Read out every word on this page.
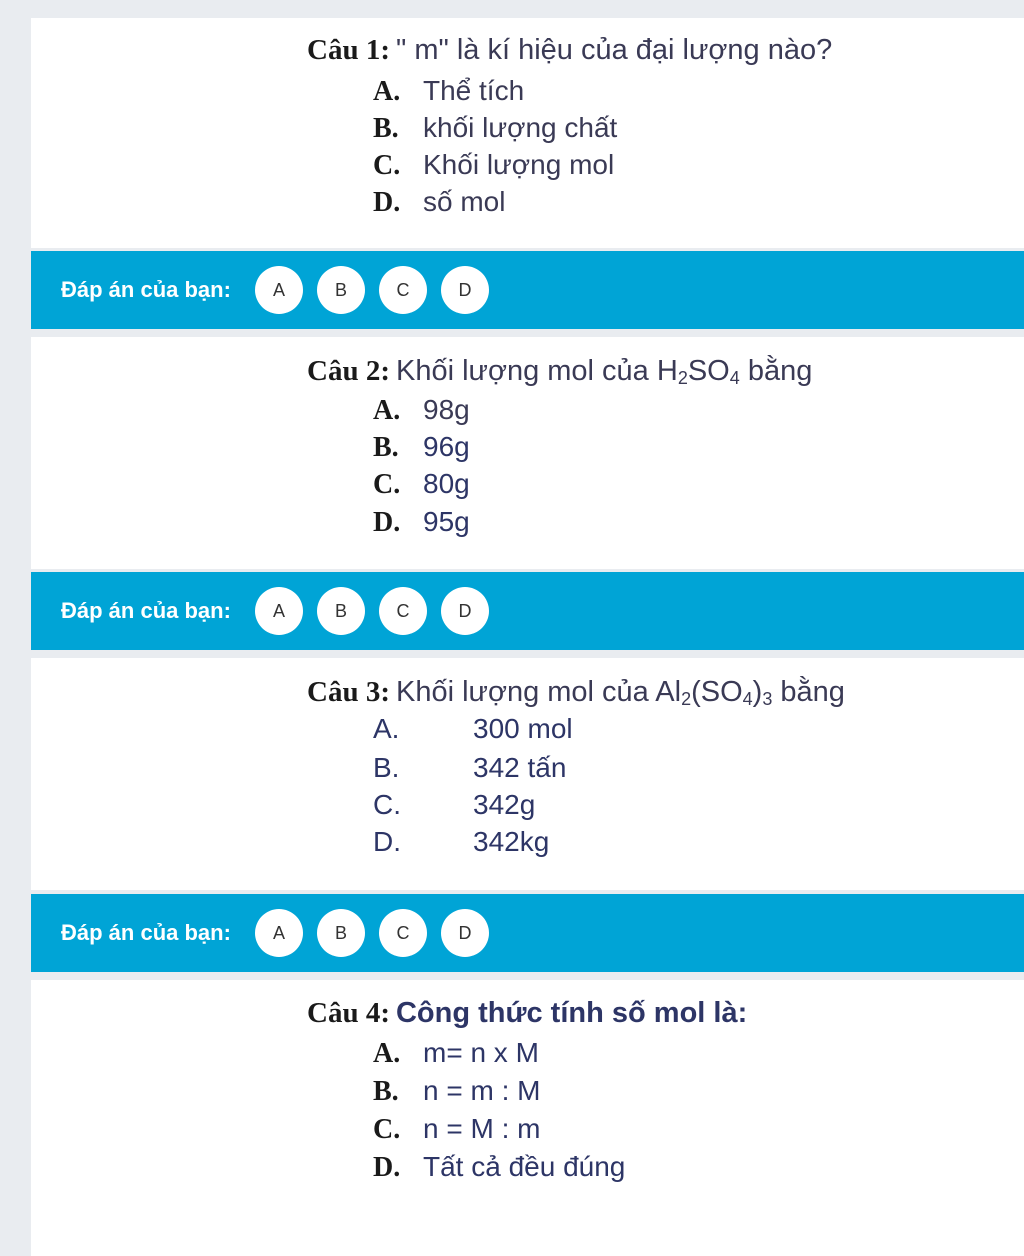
Câu 1: " m" là kí hiệu của đại lượng nào?
A. Thể tích
B. khối lượng chất
C. Khối lượng mol
D. số mol
Đáp án của bạn:	A	B	C	D
Câu 2: Khối lượng mol của $H_2SO_4$ bằng
A. 98g
B. 96g
C. 80g
D. 95g
Đáp án của bạn:	A	B	C	D
Câu 3: Khối lượng mol của $Al_2(SO_4)_3$ bằng
A.	300 mol
B.	342 tấn
C.	342g
D.	342kg
Đáp án của bạn:	A	B	C	D
Câu 4: Công thức tính số mol là:
A. m= n x M
B. n = m : M
C. n = M : m
D. Tất cả đều đúng
